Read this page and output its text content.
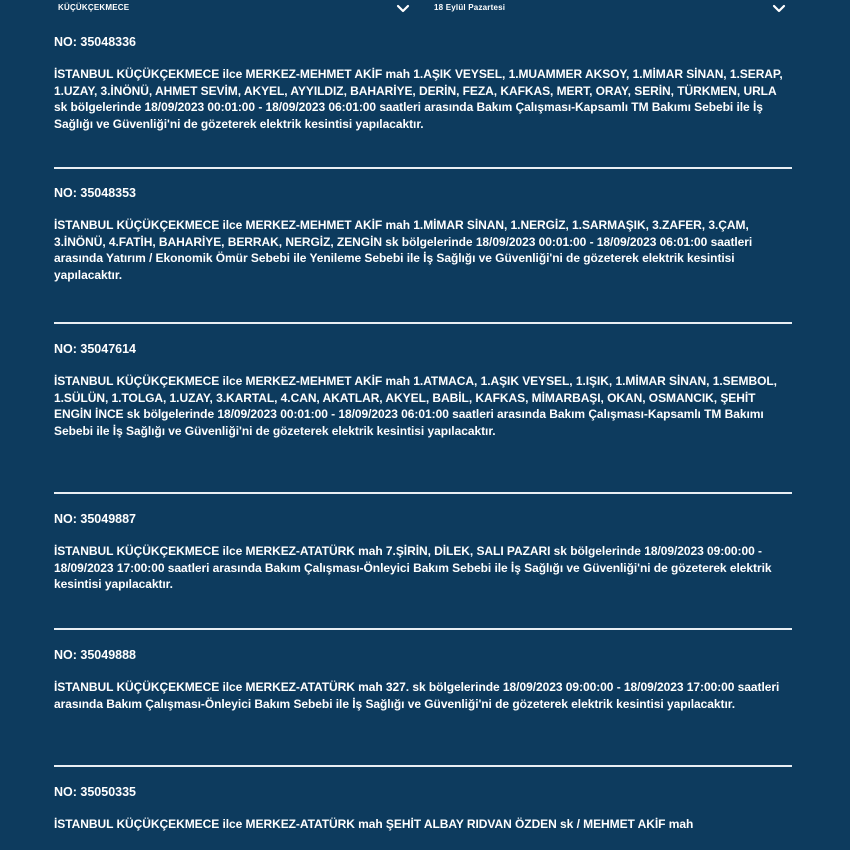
KÜÇÜKÇEKMECE	18 Eylül Pazartesi

NO: 35048336

İSTANBUL KÜÇÜKÇEKMECE ilce MERKEZ-MEHMET AKİF mah 1.AŞIK VEYSEL, 1.MUAMMER AKSOY, 1.MİMAR SİNAN, 1.SERAP, 1.UZAY, 3.İNÖNÜ, AHMET SEVİM, AKYEL, AYYILDIZ, BAHARİYE, DERİN, FEZA, KAFKAS, MERT, ORAY, SERİN, TÜRKMEN, URLA sk bölgelerinde 18/09/2023 00:01:00 - 18/09/2023 06:01:00 saatleri arasında Bakım Çalışması-Kapsamlı TM Bakımı Sebebi ile İş Sağlığı ve Güvenliği'ni de gözeterek elektrik kesintisi yapılacaktır.

NO: 35048353

İSTANBUL KÜÇÜKÇEKMECE ilce MERKEZ-MEHMET AKİF mah 1.MİMAR SİNAN, 1.NERGİZ, 1.SARMAŞIK, 3.ZAFER, 3.ÇAM, 3.İNÖNÜ, 4.FATİH, BAHARİYE, BERRAK, NERGİZ, ZENGİN sk bölgelerinde 18/09/2023 00:01:00 - 18/09/2023 06:01:00 saatleri arasında Yatırım / Ekonomik Ömür Sebebi ile Yenileme Sebebi ile İş Sağlığı ve Güvenliği'ni de gözeterek elektrik kesintisi yapılacaktır.

NO: 35047614

İSTANBUL KÜÇÜKÇEKMECE ilce MERKEZ-MEHMET AKİF mah 1.ATMACA, 1.AŞIK VEYSEL, 1.IŞIK, 1.MİMAR SİNAN, 1.SEMBOL, 1.SÜLÜN, 1.TOLGA, 1.UZAY, 3.KARTAL, 4.CAN, AKATLAR, AKYEL, BABİL, KAFKAS, MİMARBAŞI, OKAN, OSMANCIK, ŞEHİT ENGİN İNCE sk bölgelerinde 18/09/2023 00:01:00 - 18/09/2023 06:01:00 saatleri arasında Bakım Çalışması-Kapsamlı TM Bakımı Sebebi ile İş Sağlığı ve Güvenliği'ni de gözeterek elektrik kesintisi yapılacaktır.

NO: 35049887

İSTANBUL KÜÇÜKÇEKMECE ilce MERKEZ-ATATÜRK mah 7.ŞİRİN, DİLEK, SALI PAZARI sk bölgelerinde 18/09/2023 09:00:00 - 18/09/2023 17:00:00 saatleri arasında Bakım Çalışması-Önleyici Bakım Sebebi ile İş Sağlığı ve Güvenliği'ni de gözeterek elektrik kesintisi yapılacaktır.

NO: 35049888

İSTANBUL KÜÇÜKÇEKMECE ilce MERKEZ-ATATÜRK mah 327. sk bölgelerinde 18/09/2023 09:00:00 - 18/09/2023 17:00:00 saatleri arasında Bakım Çalışması-Önleyici Bakım Sebebi ile İş Sağlığı ve Güvenliği'ni de gözeterek elektrik kesintisi yapılacaktır.

NO: 35050335

İSTANBUL KÜÇÜKÇEKMECE ilce MERKEZ-ATATÜRK mah ŞEHİT ALBAY RIDVAN ÖZDEN sk / MEHMET AKİF mah
